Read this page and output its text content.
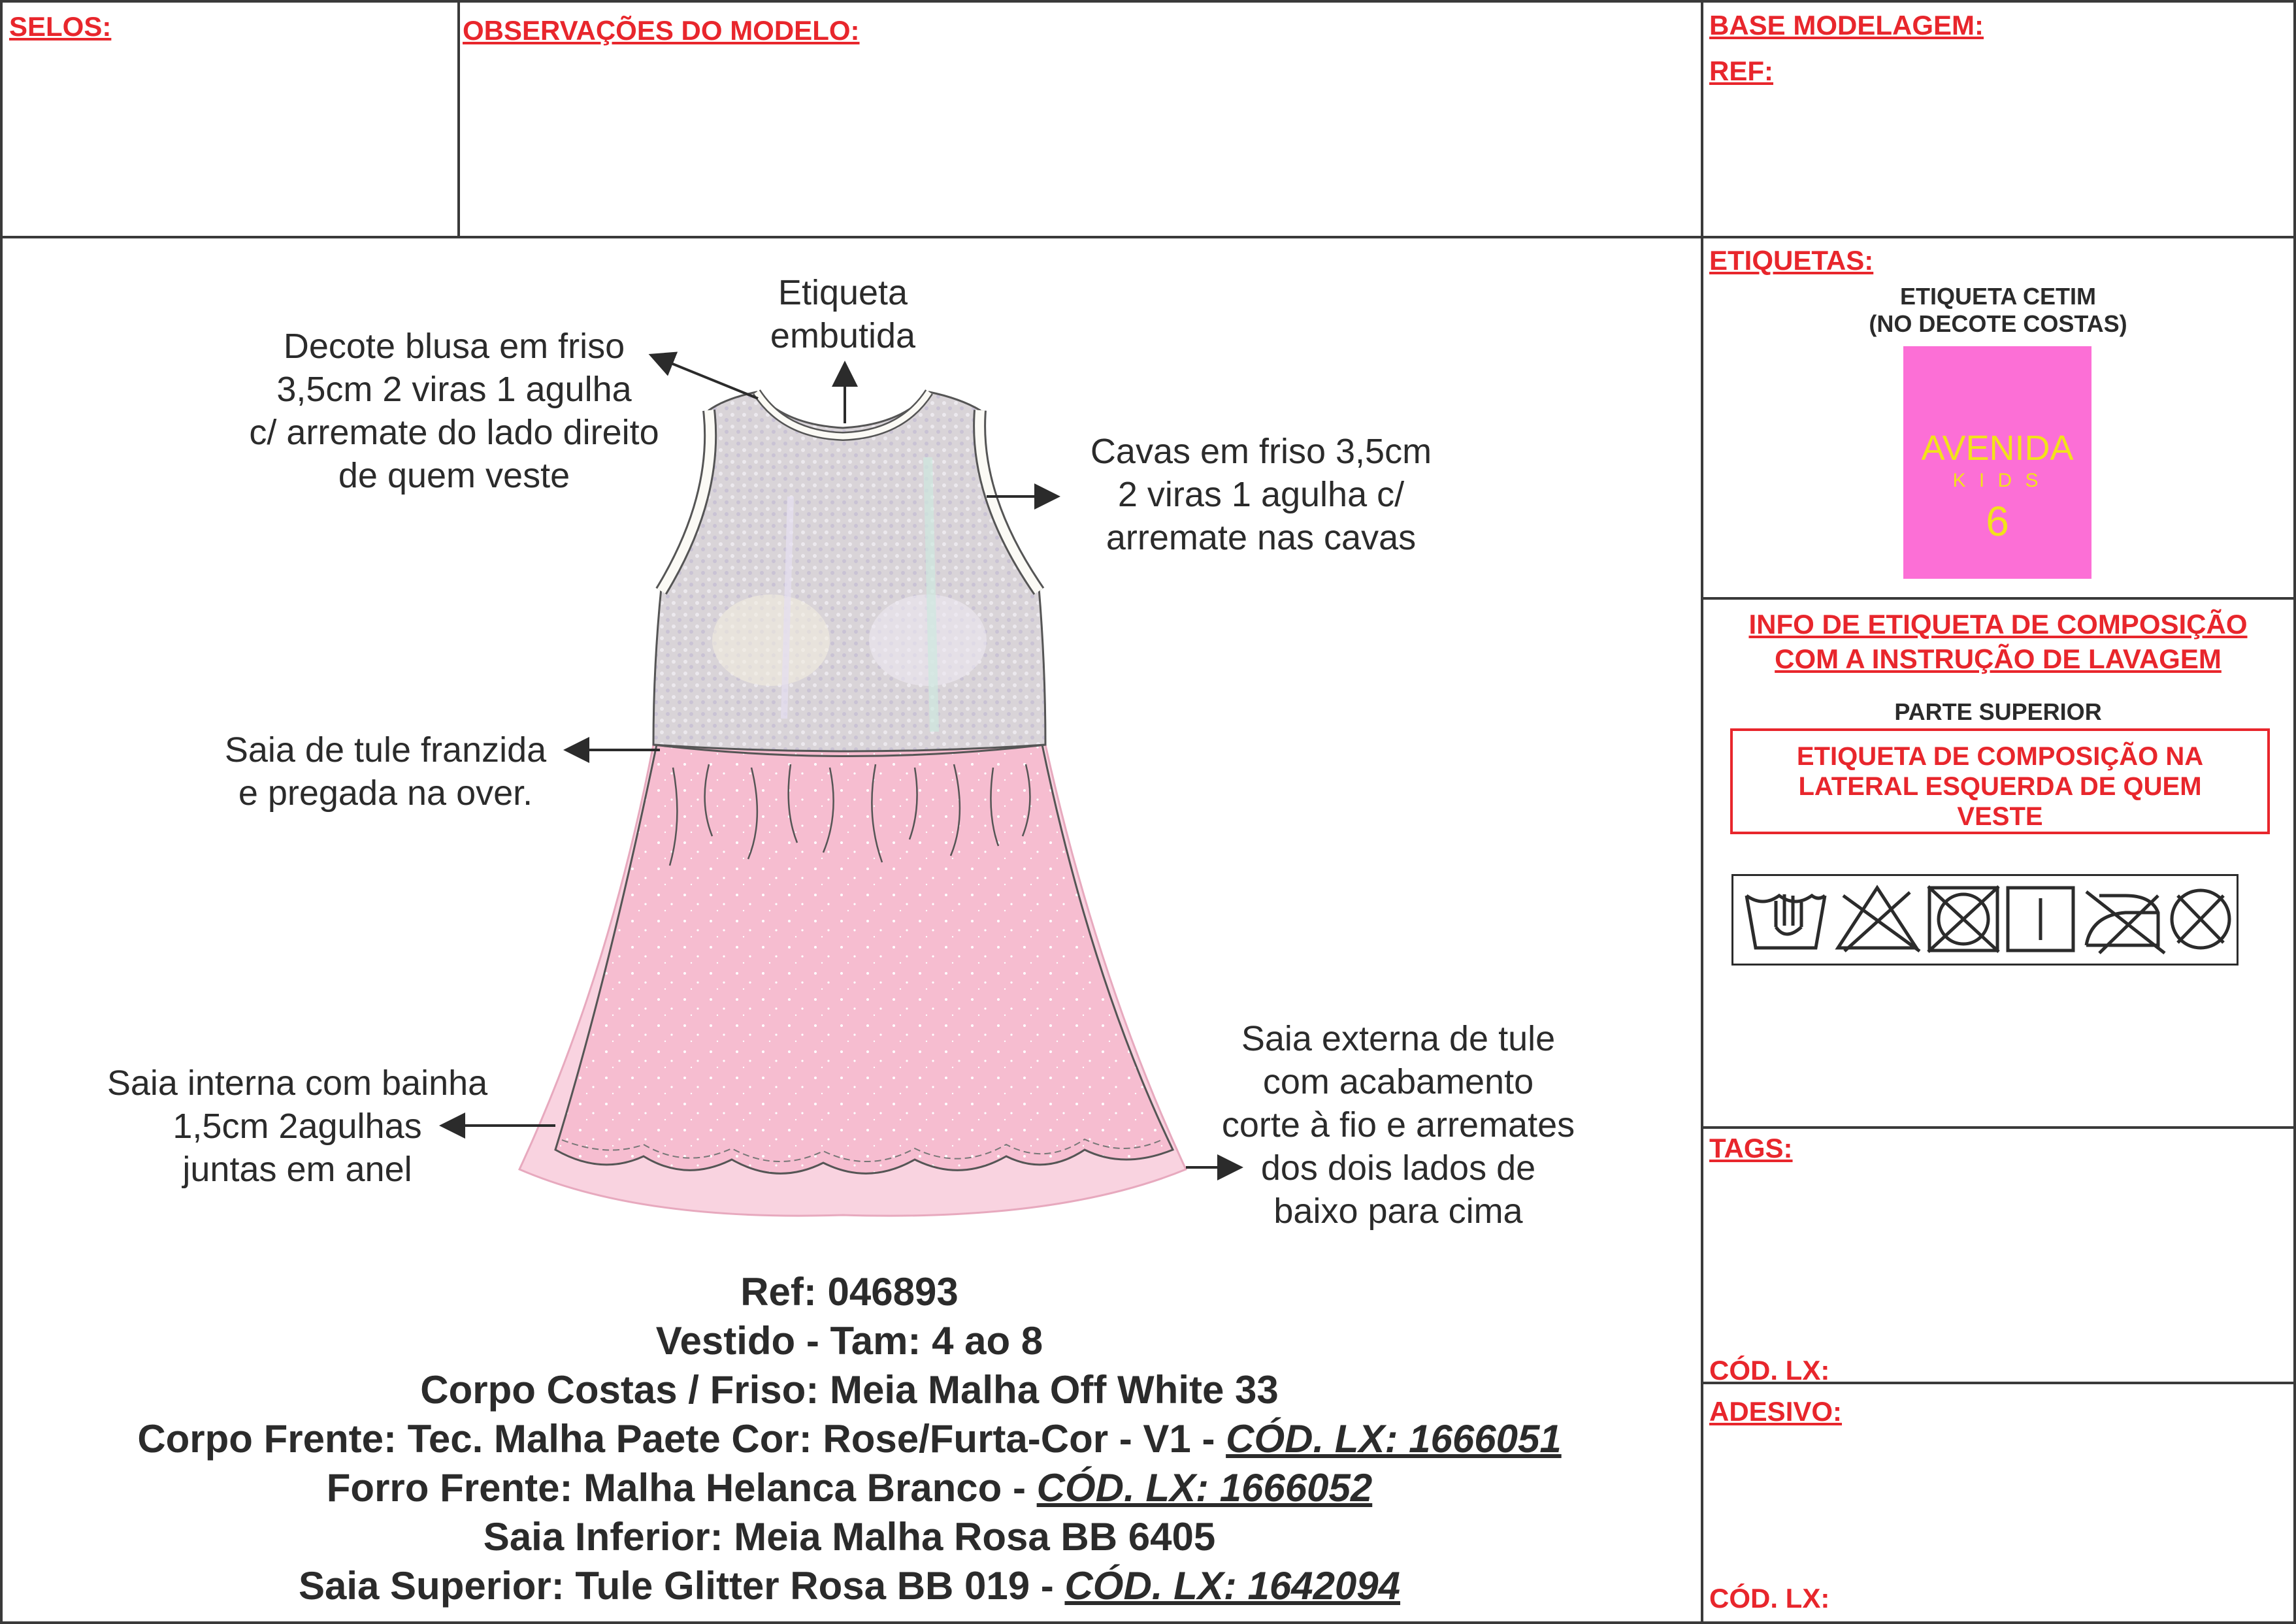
SELOS:	OBSERVAÇÕES DO MODELO:	BASE MODELAGEM:
REF:
Etiqueta
embutida
Decote blusa em friso
3,5cm 2 viras 1 agulha
c/ arremate do lado direito
de quem veste
Cavas em friso 3,5cm
2 viras 1 agulha c/
arremate nas cavas
Saia de tule franzida
e pregada na over.
Saia interna com bainha
1,5cm 2agulhas
juntas em anel
Saia externa de tule
com acabamento
corte à fio e arremates
dos dois lados de
baixo para cima
Ref: 046893
Vestido - Tam: 4 ao 8
Corpo Costas / Friso: Meia Malha Off White 33
Corpo Frente: Tec. Malha Paete Cor: Rose/Furta-Cor - V1 - CÓD. LX: 1666051
Forro Frente: Malha Helanca Branco - CÓD. LX: 1666052
Saia Inferior: Meia Malha Rosa BB 6405
Saia Superior: Tule Glitter Rosa BB 019 - CÓD. LX: 1642094
ETIQUETAS:
ETIQUETA CETIM
(NO DECOTE COSTAS)
AVENIDA
K I D S
6
INFO DE ETIQUETA DE COMPOSIÇÃO
COM A INSTRUÇÃO DE LAVAGEM
PARTE SUPERIOR
ETIQUETA DE COMPOSIÇÃO NA
LATERAL ESQUERDA DE QUEM
VESTE
TAGS:
CÓD. LX:
ADESIVO:
CÓD. LX:
